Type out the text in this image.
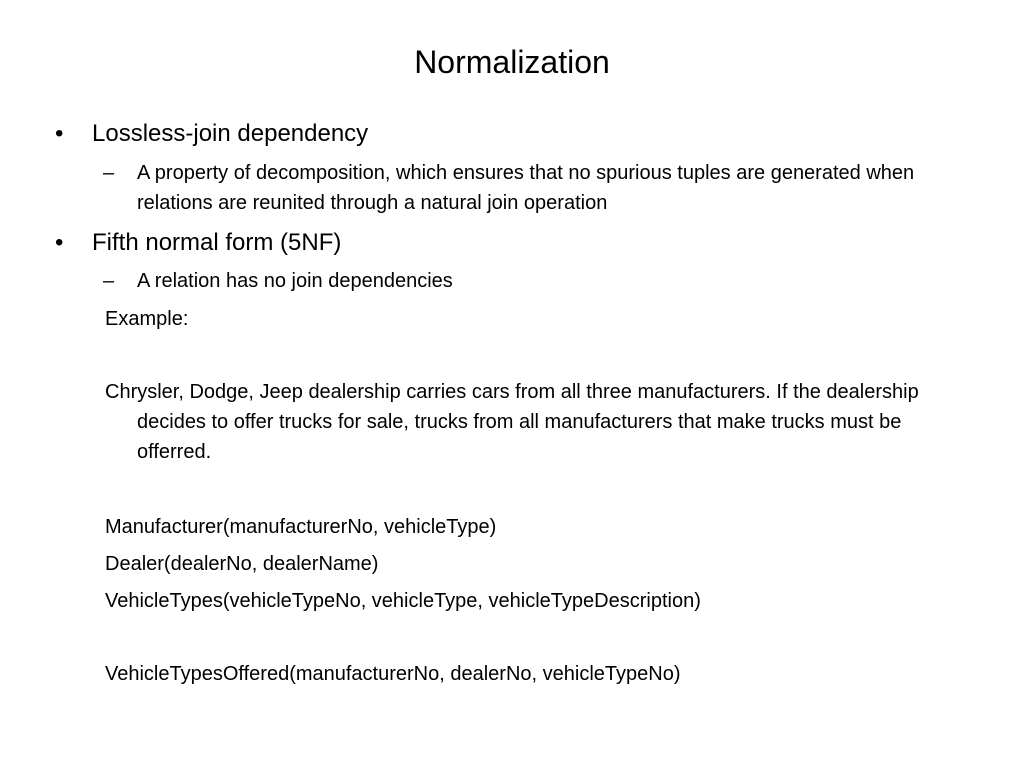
Normalization
• Lossless-join dependency
–	A property of decomposition, which ensures that no spurious tuples are generated when relations are reunited through a natural join operation
• Fifth normal form (5NF)
–	A relation has no join dependencies
Example:
Chrysler, Dodge, Jeep dealership carries cars from all three manufacturers. If the dealership decides to offer trucks for sale, trucks from all manufacturers that make trucks must be offerred.
Manufacturer(manufacturerNo, vehicleType)
Dealer(dealerNo, dealerName)
VehicleTypes(vehicleTypeNo, vehicleType, vehicleTypeDescription)
VehicleTypesOffered(manufacturerNo, dealerNo, vehicleTypeNo)
